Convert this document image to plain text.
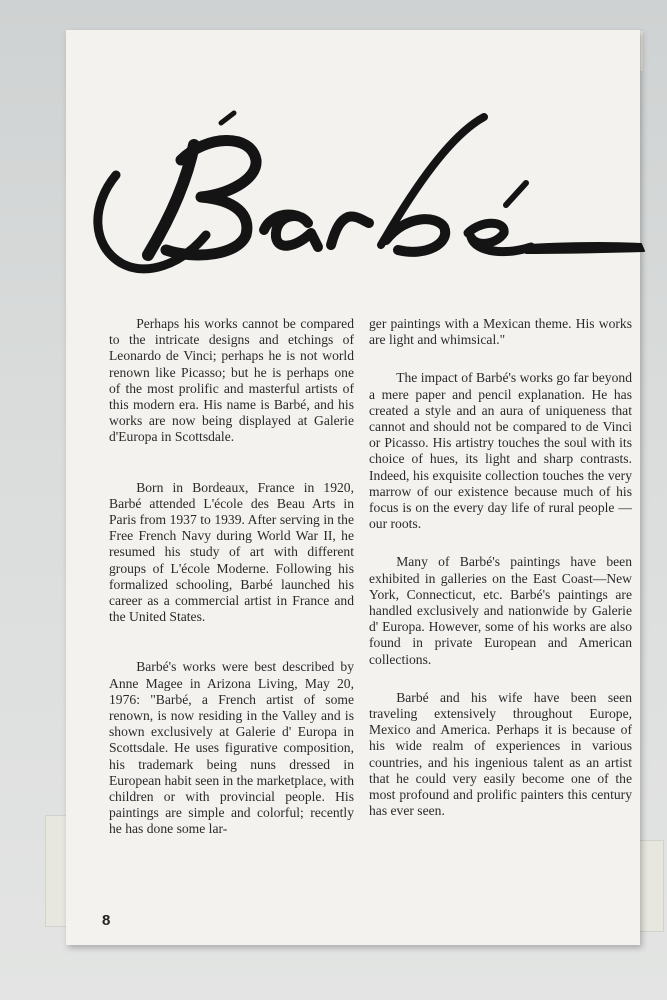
Perhaps his works cannot be compared to the intricate designs and etchings of Leonardo de Vinci; perhaps he is not world renown like Picasso; but he is perhaps one of the most prolific and masterful artists of this modern era. His name is Barbé, and his works are now being displayed at Galerie d'Europa in Scottsdale.

Born in Bordeaux, France in 1920, Barbé attended L'école des Beau Arts in Paris from 1937 to 1939. After serving in the Free French Navy during World War II, he resumed his study of art with different groups of L'école Moderne. Following his formalized schooling, Barbé launched his career as a commercial artist in France and the United States.

Barbé's works were best described by Anne Magee in Arizona Living, May 20, 1976: "Barbé, a French artist of some renown, is now residing in the Valley and is shown exclusively at Galerie d' Europa in Scottsdale. He uses figurative composition, his trademark being nuns dressed in European habit seen in the marketplace, with children or with provincial people. His paintings are simple and colorful; recently he has done some lar-

ger paintings with a Mexican theme. His works are light and whimsical."

The impact of Barbé's works go far beyond a mere paper and pencil explanation. He has created a style and an aura of uniqueness that cannot and should not be compared to de Vinci or Picasso. His artistry touches the soul with its choice of hues, its light and sharp contrasts. Indeed, his exquisite collection touches the very marrow of our existence because much of his focus is on the every day life of rural people — our roots.

Many of Barbé's paintings have been exhibited in galleries on the East Coast—New York, Connecticut, etc. Barbé's paintings are handled exclusively and nationwide by Galerie d' Europa. However, some of his works are also found in private European and American collections.

Barbé and his wife have been seen traveling extensively throughout Europe, Mexico and America. Perhaps it is because of his wide realm of experiences in various countries, and his ingenious talent as an artist that he could very easily become one of the most profound and prolific painters this century has ever seen.

8
